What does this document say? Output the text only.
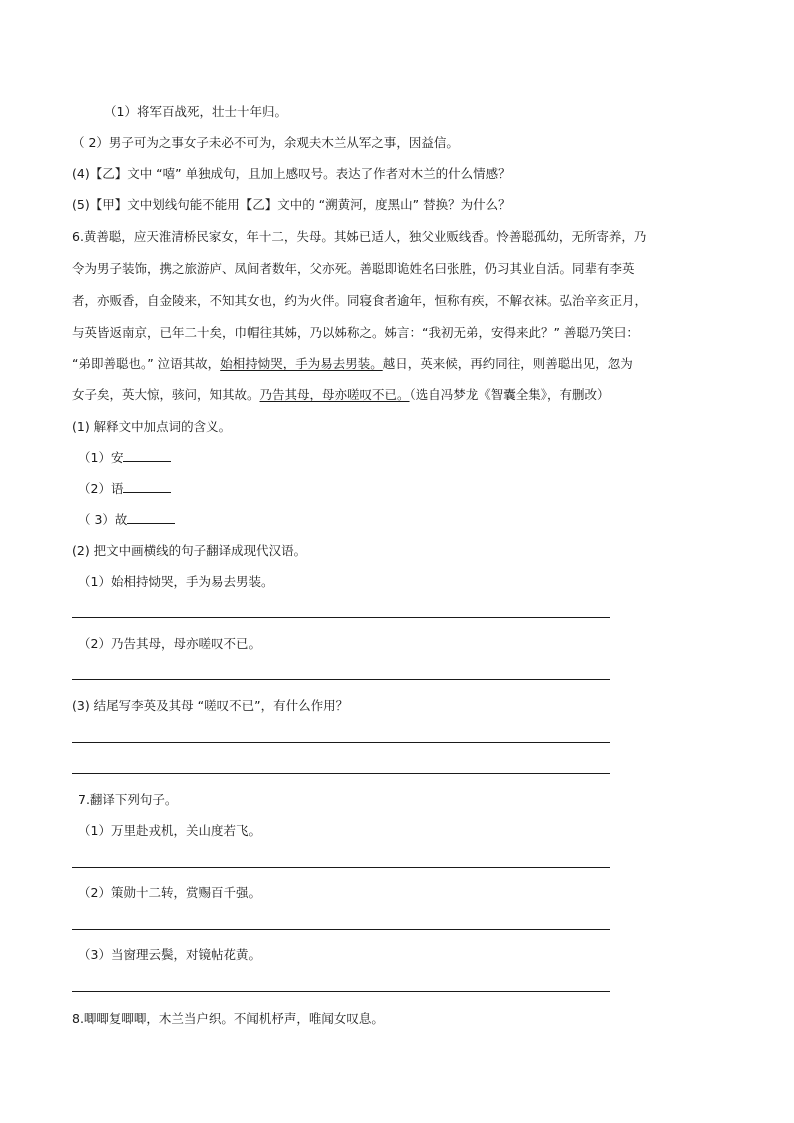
（1）将军百战死，壮士十年归。
（ 2）男子可为之事女子未必不可为，余观夫木兰从军之事，因益信。
(4)【乙】文中 “嘻” 单独成句，且加上感叹号。表达了作者对木兰的什么情感？
(5)【甲】文中划线句能不能用【乙】文中的 “溯黄河，度黑山” 替换？为什么？
6.黄善聪，应天淮清桥民家女，年十二，失母。其姊已适人，独父业贩线香。怜善聪孤幼，无所寄养，乃
令为男子装饰，携之旅游庐、凤间者数年，父亦死。善聪即诡姓名曰张胜，仍习其业自活。同辈有李英
者，亦贩香，自金陵来，不知其女也，约为火伴。同寝食者逾年，恒称有疾，不解衣袜。弘治辛亥正月，
与英皆返南京，已年二十矣，巾帽往其姊，乃以姊称之。姊言：“我初无弟，安得来此？” 善聪乃笑曰：
“弟即善聪也。” 泣语其故，始相持恸哭，手为易去男装。越日，英来候，再约同往，则善聪出见，忽为
女子矣，英大惊，骇问，知其故。乃告其母，母亦嗟叹不已。（选自冯梦龙《智囊全集》，有删改）
(1) 解释文中加点词的含义。
（1）安
（2）语
（ 3）故
(2) 把文中画横线的句子翻译成现代汉语。
（1）始相持恸哭，手为易去男装。
（2）乃告其母，母亦嗟叹不已。
(3) 结尾写李英及其母 “嗟叹不已”，有什么作用？
7.翻译下列句子。
（1）万里赴戎机，关山度若飞。
（2）策勋十二转，赏赐百千强。
（3）当窗理云鬓，对镜帖花黄。
8.唧唧复唧唧，木兰当户织。不闻机杼声，唯闻女叹息。
